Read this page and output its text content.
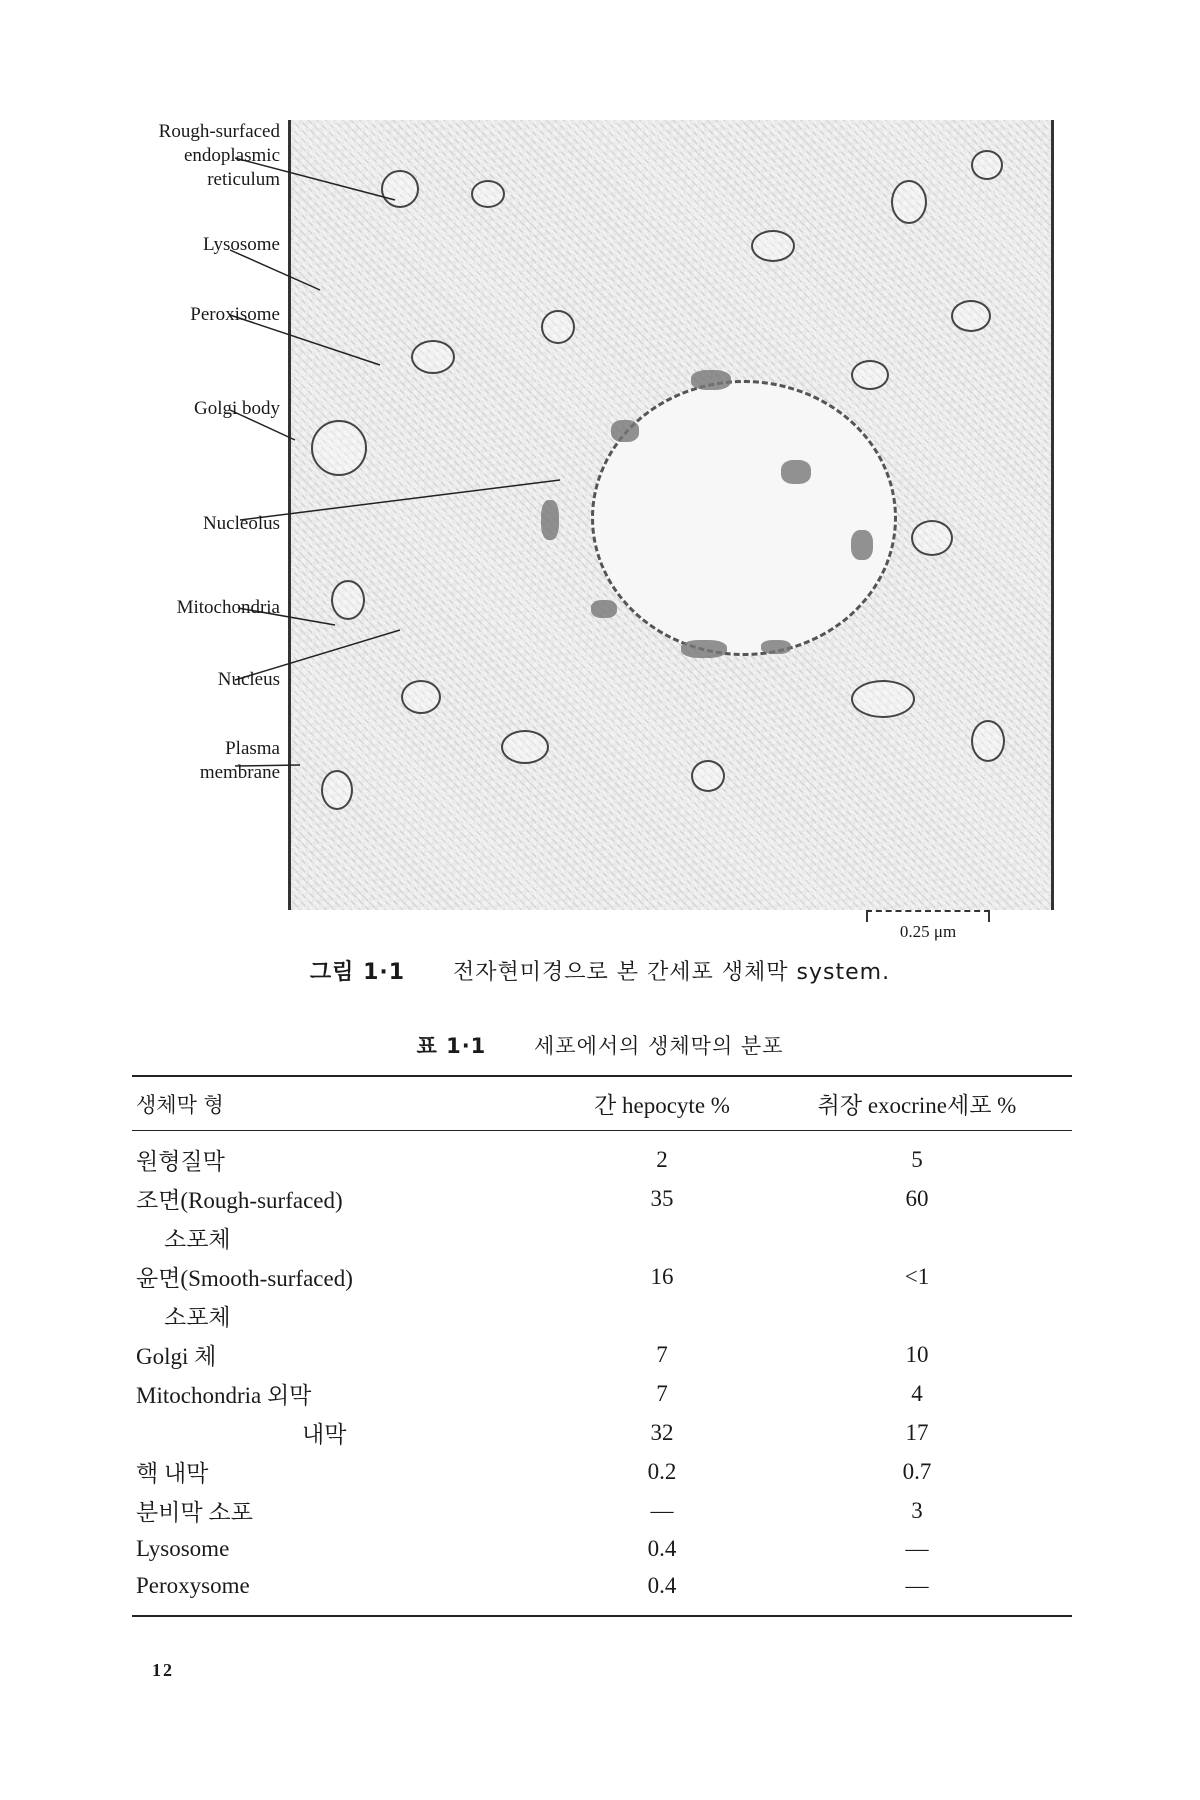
Rough-surfaced
endoplasmic
reticulum
Lysosome
Peroxisome
Golgi body
Nucleolus
Mitochondria
Nucleus
Plasma
membrane
0.25 μm
그림 1·1 전자현미경으로 본 간세포 생체막 system.
표 1·1 세포에서의 생체막의 분포
생체막 형	간 hepocyte %	취장 exocrine세포 %
원형질막	2	5
조면(Rough-surfaced)	35	60
소포체		
윤면(Smooth-surfaced)	16	<1
소포체		
Golgi 체	7	10
Mitochondria 외막	7	4
내막	32	17
핵 내막	0.2	0.7
분비막 소포	—	3
Lysosome	0.4	—
Peroxysome	0.4	—
12
